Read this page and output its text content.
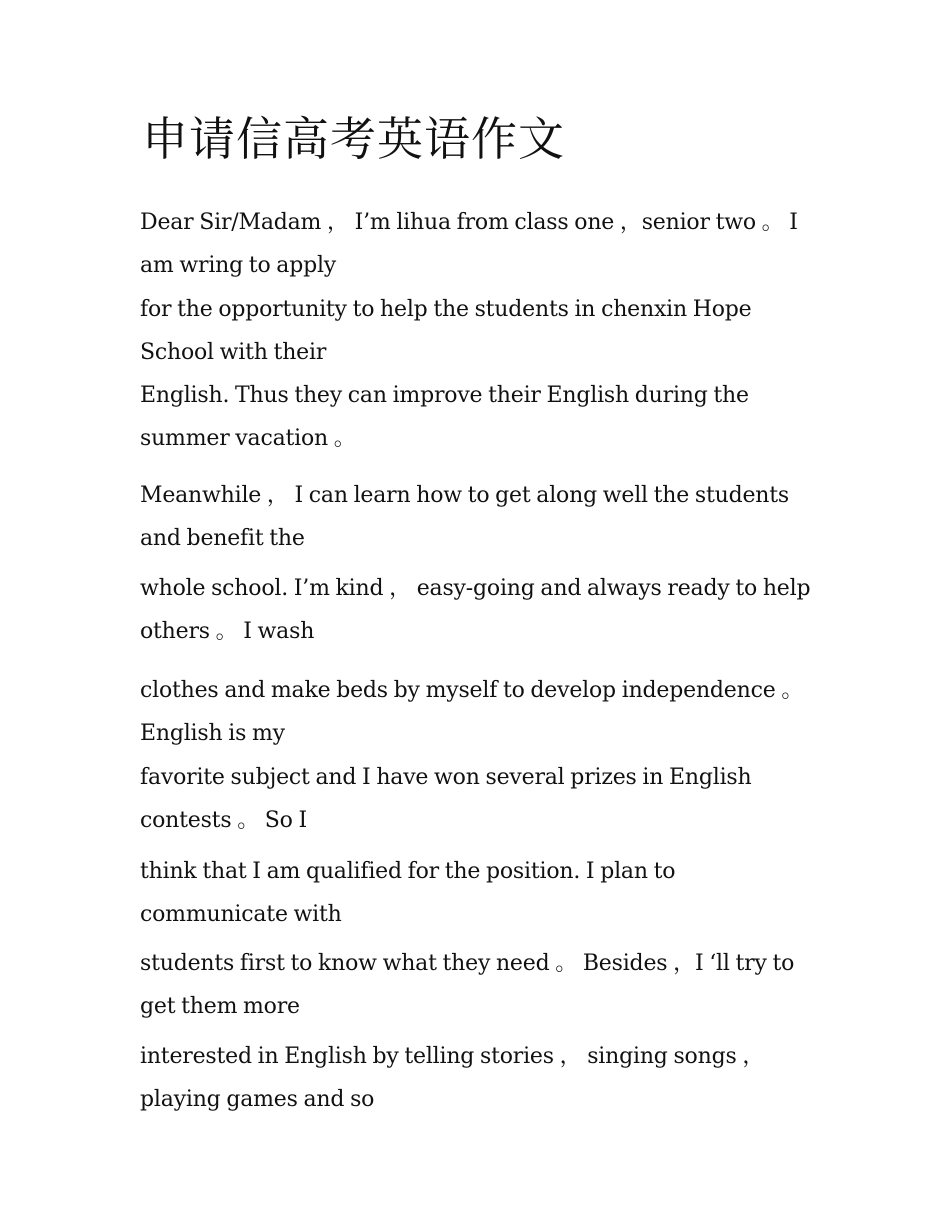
申请信高考英语作文

Dear Sir/Madam ， I’m lihua from class one ，senior two 。 I am wring to apply

for the opportunity to help the students in chenxin Hope School with their

English. Thus they can improve their English during the summer vacation 。

Meanwhile ， I can learn how to get along well the students and benefit the

whole school. I’m kind ， easy-going and always ready to help others 。 I wash

clothes and make beds by myself to develop independence 。 English is my

favorite subject and I have won several prizes in English contests 。 So I

think that I am qualified for the position. I plan to communicate with

students first to know what they need 。 Besides ，I ‘ll try to get them more

interested in English by telling stories ， singing songs ，playing games and so
